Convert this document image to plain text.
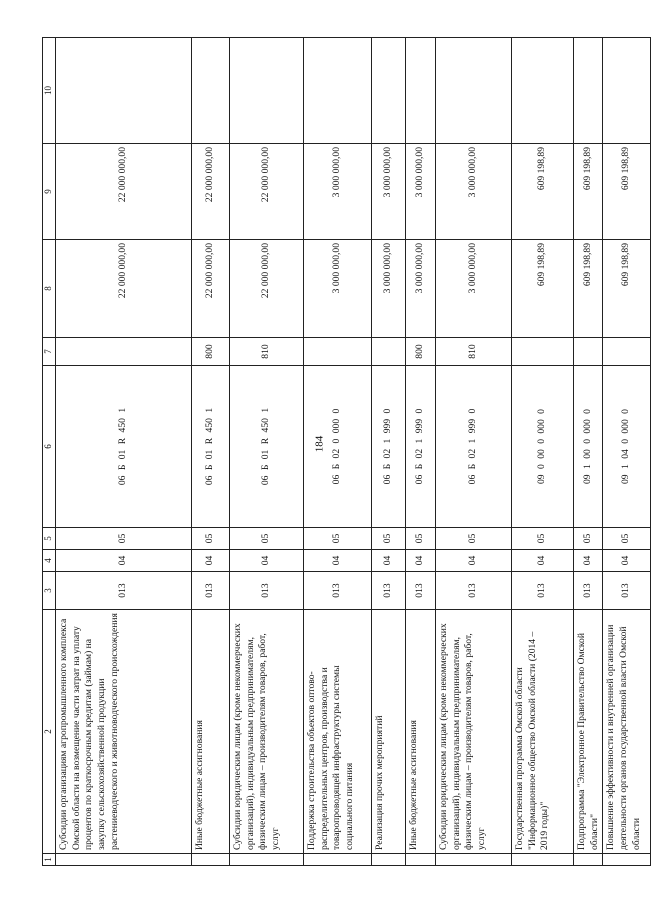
184
1	2	3	4	5	6	7	8	9	10
	Субсидии организациям агропромышленного комплекса Омской области на возмещение части затрат на уплату процентов по краткосрочным кредитам (займам) на закупку сельскохозяйственной продукции растениеводческого и животноводческого происхождения	013	04	05	06 Б 01 R 450 1		22 000 000,00	22 000 000,00	
	Иные бюджетные ассигнования	013	04	05	06 Б 01 R 450 1	800	22 000 000,00	22 000 000,00	
	Субсидии юридическим лицам (кроме некоммерческих организаций), индивидуальным предпринимателям, физическим лицам – производителям товаров, работ, услуг	013	04	05	06 Б 01 R 450 1	810	22 000 000,00	22 000 000,00	
	Поддержка строительства объектов оптово-распределительных центров, производства и товаропроводящей инфраструктуры системы социального питания	013	04	05	06 Б 02 0 000 0		3 000 000,00	3 000 000,00	
	Реализация прочих мероприятий	013	04	05	06 Б 02 1 999 0		3 000 000,00	3 000 000,00	
	Иные бюджетные ассигнования	013	04	05	06 Б 02 1 999 0	800	3 000 000,00	3 000 000,00	
	Субсидии юридическим лицам (кроме некоммерческих организаций), индивидуальным предпринимателям, физическим лицам – производителям товаров, работ, услуг	013	04	05	06 Б 02 1 999 0	810	3 000 000,00	3 000 000,00	
	Государственная программа Омской области "Информационное общество Омской области (2014 – 2019 годы)"	013	04	05	09 0 00 0 000 0		609 198,89	609 198,89	
	Подпрограмма "Электронное Правительство Омской области"	013	04	05	09 1 00 0 000 0		609 198,89	609 198,89	
	Повышение эффективности и внутренней организации деятельности органов государственной власти Омской области	013	04	05	09 1 04 0 000 0		609 198,89	609 198,89	
